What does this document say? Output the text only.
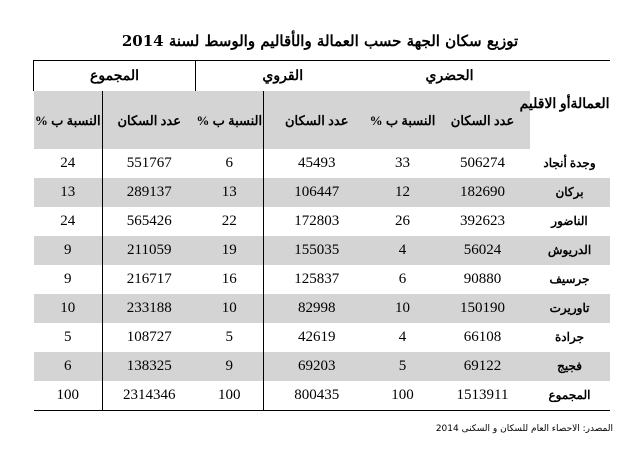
توزيع سكان الجهة حسب العمالة والأقاليم والوسط لسنة 2014
العمالةأو الاقليم	الحضري		القروي		المجموع	
	عدد السكان	النسبة ب %	عدد السكان	النسبة ب %	عدد السكان	النسبة ب %
وجدة أنجاد	506274	33	45493	6	551767	24
بركان	182690	12	106447	13	289137	13
الناضور	392623	26	172803	22	565426	24
الدريوش	56024	4	155035	19	211059	9
جرسيف	90880	6	125837	16	216717	9
تاوريرت	150190	10	82998	10	233188	10
جرادة	66108	4	42619	5	108727	5
فجيج	69122	5	69203	9	138325	6
المجموع	1513911	100	800435	100	2314346	100
المصدر: الاحصاء العام للسكان و السكنى 2014
